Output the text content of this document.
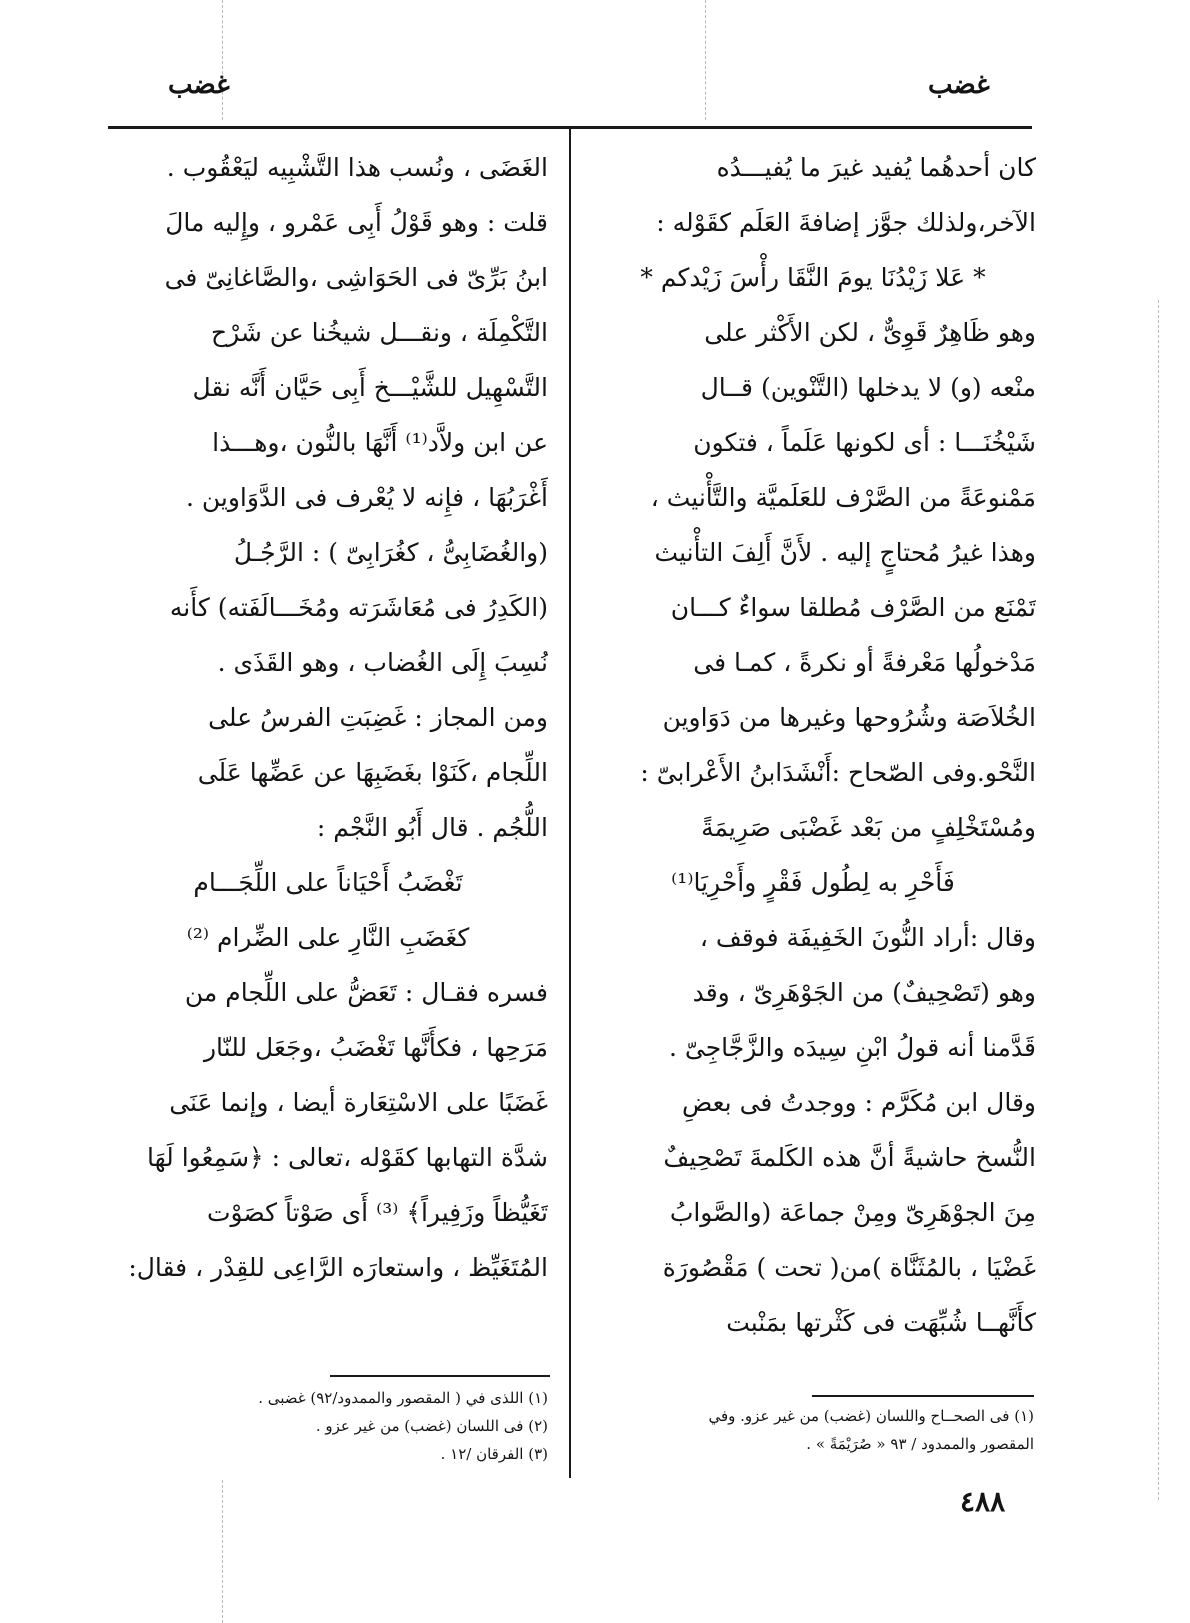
غضب	غضب
كان أحدهُما يُفيد غيرَ ما يُفيـــدُه
الآخر،ولذلك جوَّز إضافةَ العَلَم كقَوْله :
* عَلا زَيْدُنَا يومَ النَّقَا رأْسَ زَيْدكم *
وهو ظَاهِرٌ قَوِىٌّ ، لكن الأَكْثر على
منْعه (و) لا يدخلها (التَّنْوين) قــال
شَيْخُنَـــا : أى لكونها عَلَماً ، فتكون
مَمْنوعَةً من الصَّرْف للعَلَميَّة والتَّأْنيث ،
وهذا غيرُ مُحتاجٍ إليه . لأَنَّ أَلِفَ التأْنيث
تَمْنَع من الصَّرْف مُطلقا سواءٌ كـــان
مَدْخولُها مَعْرفةً أو نكرةً ، كمـا فى
الخُلاَصَة وشُرُوحها وغيرها من دَوَاوين
النَّحْو.وفى الصّحاح :أَنْشَدَابنُ الأَعْرابىّ :
ومُسْتَخْلِفٍ من بَعْد غَضْبَى صَرِيمَةً
فَأَحْرِ به لِطُول فَقْرٍ وأَحْرِيَا⁽¹⁾
وقال :أراد النُّونَ الخَفِيفَة فوقف ،
وهو (تَصْحِيفٌ) من الجَوْهَرِىّ ، وقد
قَدَّمنا أنه قولُ ابْنِ سِيدَه والزَّجَّاجِىّ .
وقال ابن مُكَرَّم : ووجدتُ فى بعضِ
النُّسخ حاشيةً أنَّ هذه الكَلمةَ تَصْحِيفٌ
مِنَ الجوْهَرِىّ ومِنْ جماعَة (والصَّوابُ
غَضْيَا ، بالمُثَنَّاة )من( تحت ) مَقْصُورَة
كأَنَّهــا شُبِّهَت فى كَثْرتها بمَنْبت
الغَضَى ، ونُسب هذا التَّشْبِيه ليَعْقُوب .
قلت : وهو قَوْلُ أَبِى عَمْرو ، وإِليه مالَ
ابنُ بَرِّىّ فى الحَوَاشِى ،والصَّاغانِىّ فى
التَّكْمِلَة ، ونقـــل شيخُنا عن شَرْح
التَّسْهِيل للشَّيْـــخ أَبِى حَيَّان أَنَّه نقل
عن ابن ولاَّد⁽¹⁾ أَنَّهَا بالنُّون ،وهـــذا
أَغْرَبُهَا ، فإِنه لا يُعْرف فى الدَّوَاوين .
(والغُضَابِىُّ ، كغُرَابِىّ ) : الرَّجُـلُ
(الكَدِرُ فى مُعَاشَرَته ومُخَـــالَفَته) كأَنه
نُسِبَ إِلَى الغُضاب ، وهو القَذَى .
ومن المجاز : غَضِبَتِ الفرسُ على
اللِّجام ،كَنَوْا بغَضَبِهَا عن عَضِّها عَلَى
اللُّجُم . قال أَبُو النَّجْم :
تَغْضَبُ أَحْيَاناً على اللِّجَـــام
كغَضَبِ النَّارِ على الضِّرام ⁽²⁾
فسره فقـال : تَعَضُّ على اللِّجام من
مَرَحِها ، فكأَنَّها تَغْضَبُ ،وجَعَل للنّار
غَضَبًا على الاسْتِعَارة أيضا ، وإنما عَنَى
شدَّة التهابها كقَوْله ،تعالى : ﴿سَمِعُوا لَهَا
تَغَيُّظاً وزَفِيراً﴾ ⁽³⁾ أَى صَوْتاً كصَوْت
المُتَغَيِّظ ، واستعارَه الرَّاعِى للقِدْر ، فقال:
(١) فى الصحــاح واللسان (غضب) من غير عزو. وفي
المقصور والممدود / ٩٣ « صُرَيْمَةً » .
(١) اللذى في ( المقصور والممدود/٩٢) غضبى .
(٢) فى اللسان (غضب) من غير عزو .
(٣) الفرقان /١٢ .
٤٨٨
